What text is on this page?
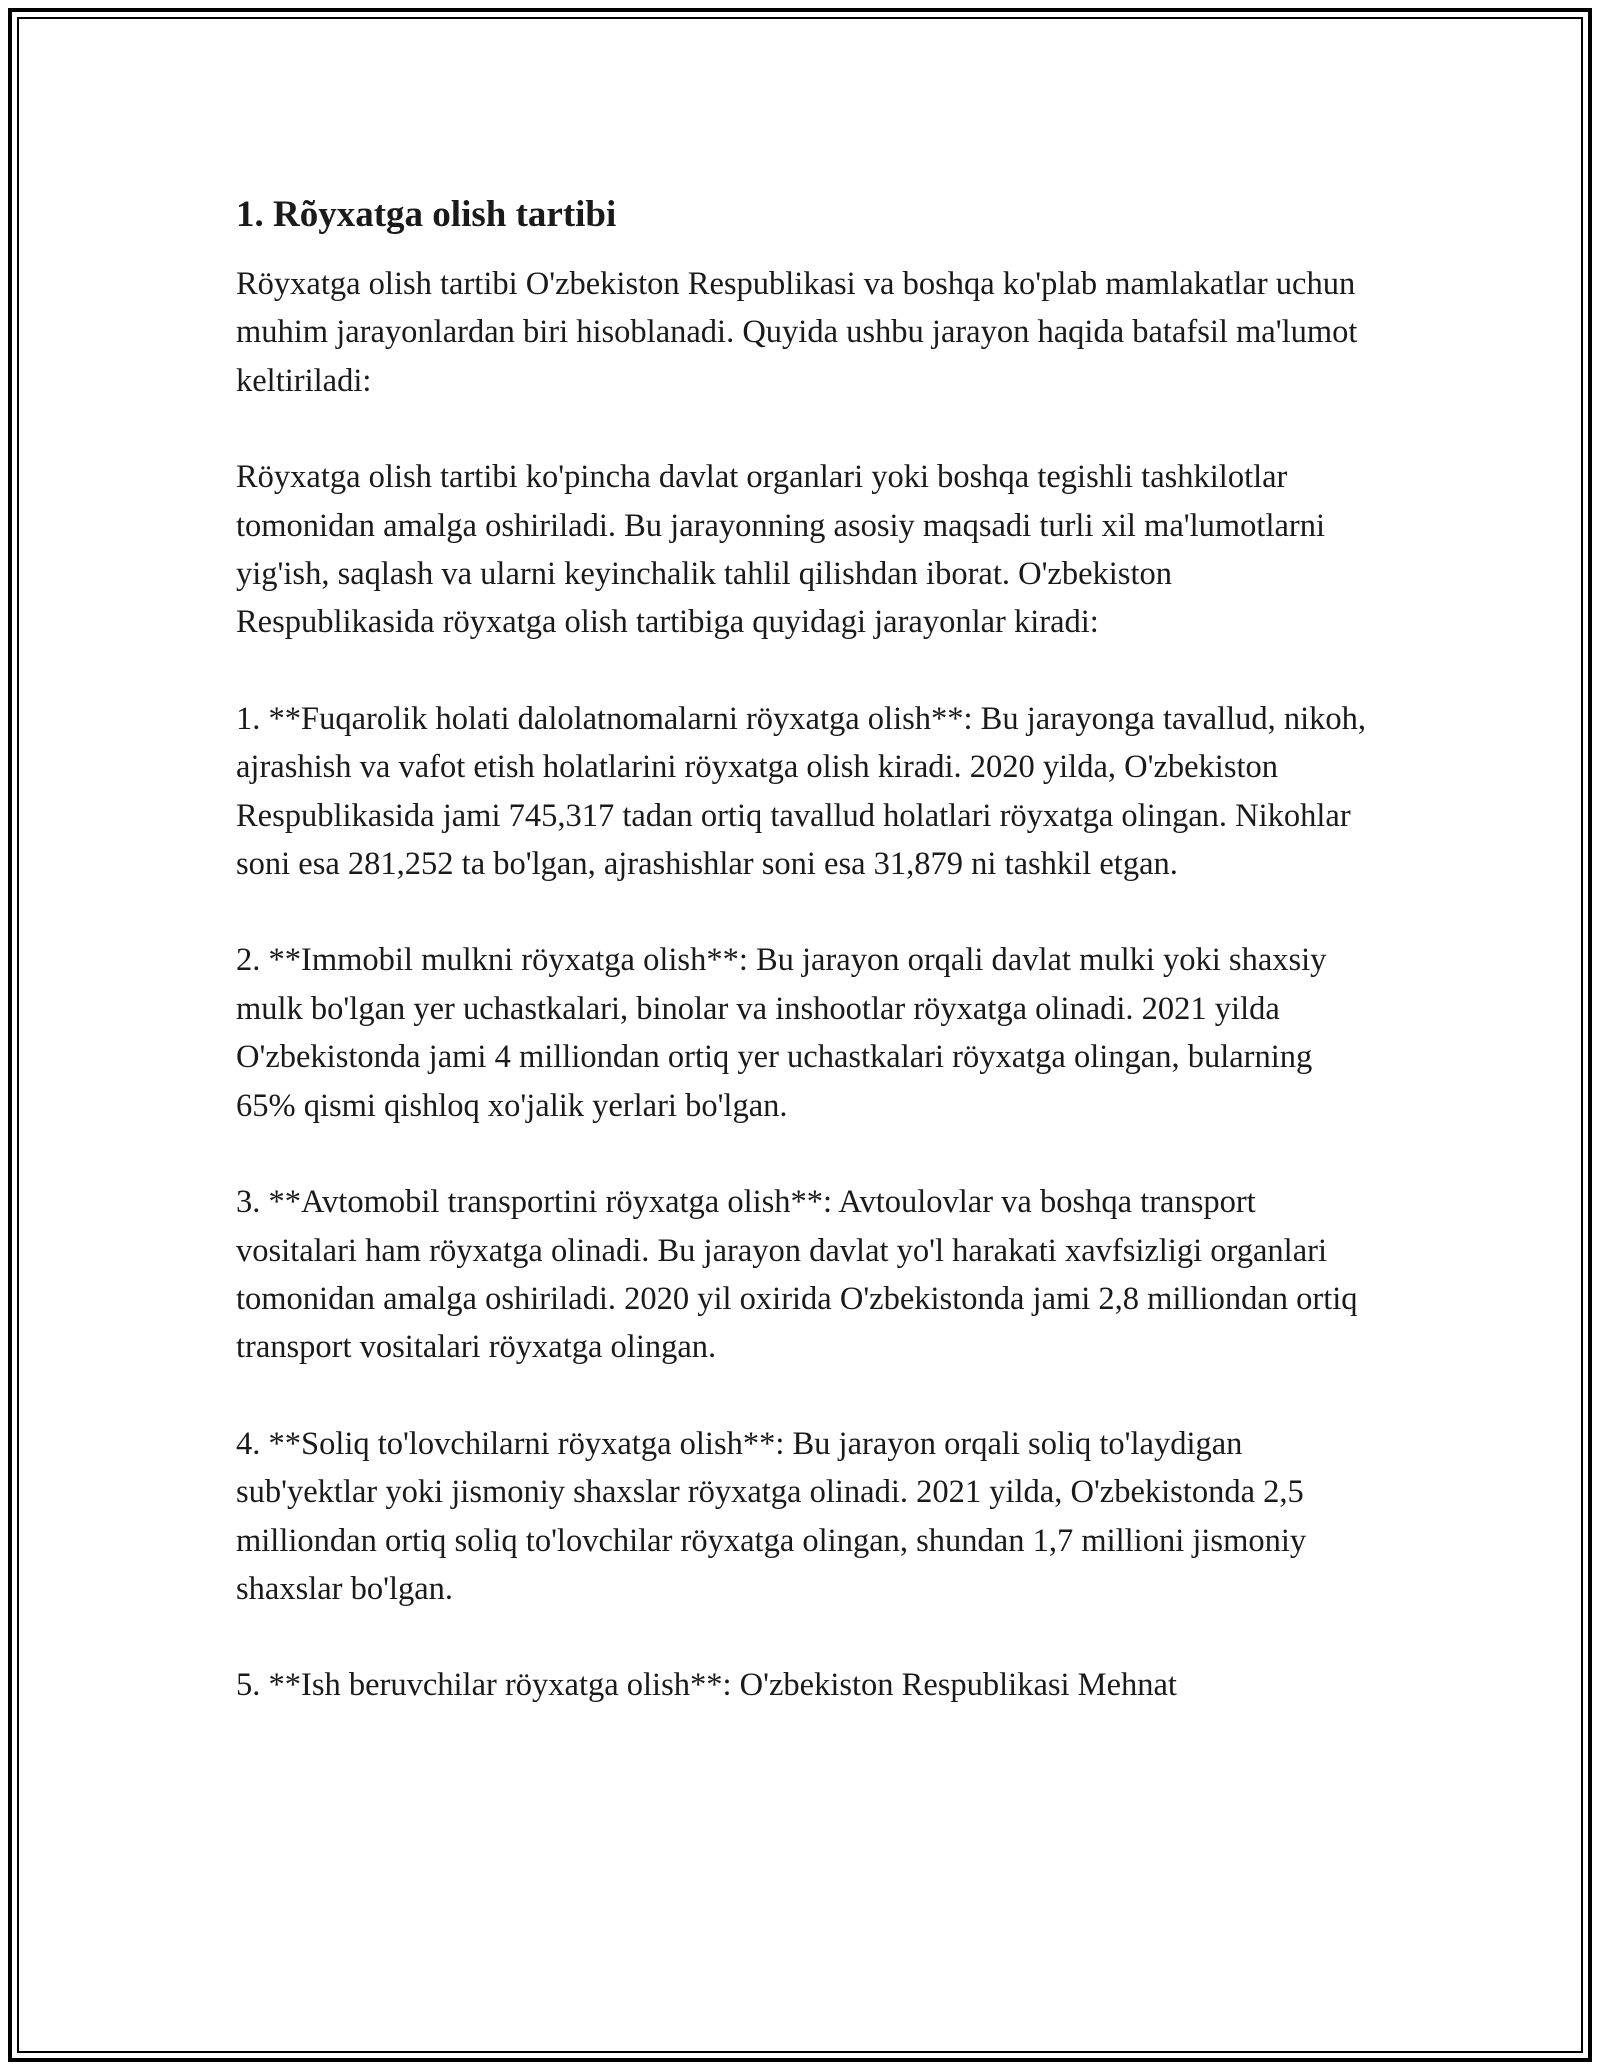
1. Rõyxatga olish tartibi

Röyxatga olish tartibi O'zbekiston Respublikasi va boshqa ko'plab mamlakatlar uchun muhim jarayonlardan biri hisoblanadi. Quyida ushbu jarayon haqida batafsil ma'lumot keltiriladi:

Röyxatga olish tartibi ko'pincha davlat organlari yoki boshqa tegishli tashkilotlar tomonidan amalga oshiriladi. Bu jarayonning asosiy maqsadi turli xil ma'lumotlarni yig'ish, saqlash va ularni keyinchalik tahlil qilishdan iborat. O'zbekiston Respublikasida röyxatga olish tartibiga quyidagi jarayonlar kiradi:

1. **Fuqarolik holati dalolatnomalarni röyxatga olish**: Bu jarayonga tavallud, nikoh, ajrashish va vafot etish holatlarini röyxatga olish kiradi. 2020 yilda, O'zbekiston Respublikasida jami 745,317 tadan ortiq tavallud holatlari röyxatga olingan. Nikohlar soni esa 281,252 ta bo'lgan, ajrashishlar soni esa 31,879 ni tashkil etgan.

2. **Immobil mulkni röyxatga olish**: Bu jarayon orqali davlat mulki yoki shaxsiy mulk bo'lgan yer uchastkalari, binolar va inshootlar röyxatga olinadi. 2021 yilda O'zbekistonda jami 4 milliondan ortiq yer uchastkalari röyxatga olingan, bularning 65% qismi qishloq xo'jalik yerlari bo'lgan.

3. **Avtomobil transportini röyxatga olish**: Avtoulovlar va boshqa transport vositalari ham röyxatga olinadi. Bu jarayon davlat yo'l harakati xavfsizligi organlari tomonidan amalga oshiriladi. 2020 yil oxirida O'zbekistonda jami 2,8 milliondan ortiq transport vositalari röyxatga olingan.

4. **Soliq to'lovchilarni röyxatga olish**: Bu jarayon orqali soliq to'laydigan sub'yektlar yoki jismoniy shaxslar röyxatga olinadi. 2021 yilda, O'zbekistonda 2,5 milliondan ortiq soliq to'lovchilar röyxatga olingan, shundan 1,7 millioni jismoniy shaxslar bo'lgan.

5. **Ish beruvchilar röyxatga olish**: O'zbekiston Respublikasi Mehnat
